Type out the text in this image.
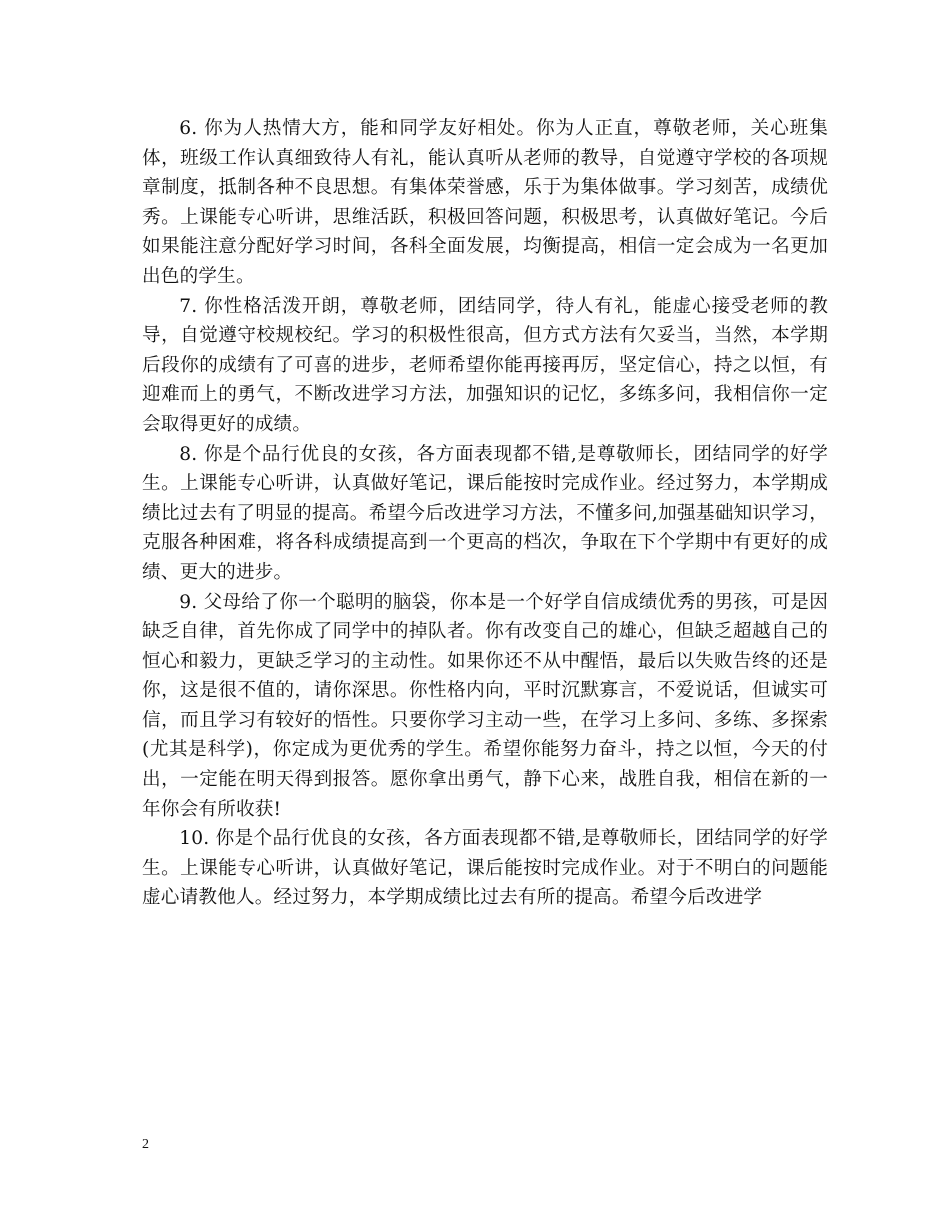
6. 你为人热情大方，能和同学友好相处。你为人正直，尊敬老师，关心班集体，班级工作认真细致待人有礼，能认真听从老师的教导，自觉遵守学校的各项规章制度，抵制各种不良思想。有集体荣誉感，乐于为集体做事。学习刻苦，成绩优秀。上课能专心听讲，思维活跃，积极回答问题，积极思考，认真做好笔记。今后如果能注意分配好学习时间，各科全面发展，均衡提高，相信一定会成为一名更加出色的学生。

7. 你性格活泼开朗，尊敬老师，团结同学，待人有礼，能虚心接受老师的教导，自觉遵守校规校纪。学习的积极性很高，但方式方法有欠妥当，当然，本学期后段你的成绩有了可喜的进步，老师希望你能再接再厉，坚定信心，持之以恒，有迎难而上的勇气，不断改进学习方法，加强知识的记忆，多练多问，我相信你一定会取得更好的成绩。

8. 你是个品行优良的女孩，各方面表现都不错,是尊敬师长，团结同学的好学生。上课能专心听讲，认真做好笔记，课后能按时完成作业。经过努力，本学期成绩比过去有了明显的提高。希望今后改进学习方法，不懂多问,加强基础知识学习，克服各种困难，将各科成绩提高到一个更高的档次，争取在下个学期中有更好的成绩、更大的进步。

9. 父母给了你一个聪明的脑袋，你本是一个好学自信成绩优秀的男孩，可是因缺乏自律，首先你成了同学中的掉队者。你有改变自己的雄心，但缺乏超越自己的恒心和毅力，更缺乏学习的主动性。如果你还不从中醒悟，最后以失败告终的还是你，这是很不值的，请你深思。你性格内向，平时沉默寡言，不爱说话，但诚实可信，而且学习有较好的悟性。只要你学习主动一些，在学习上多问、多练、多探索(尤其是科学)，你定成为更优秀的学生。希望你能努力奋斗，持之以恒，今天的付出，一定能在明天得到报答。愿你拿出勇气，静下心来，战胜自我，相信在新的一年你会有所收获!

10. 你是个品行优良的女孩，各方面表现都不错,是尊敬师长，团结同学的好学生。上课能专心听讲，认真做好笔记，课后能按时完成作业。对于不明白的问题能虚心请教他人。经过努力，本学期成绩比过去有所的提高。希望今后改进学

2
